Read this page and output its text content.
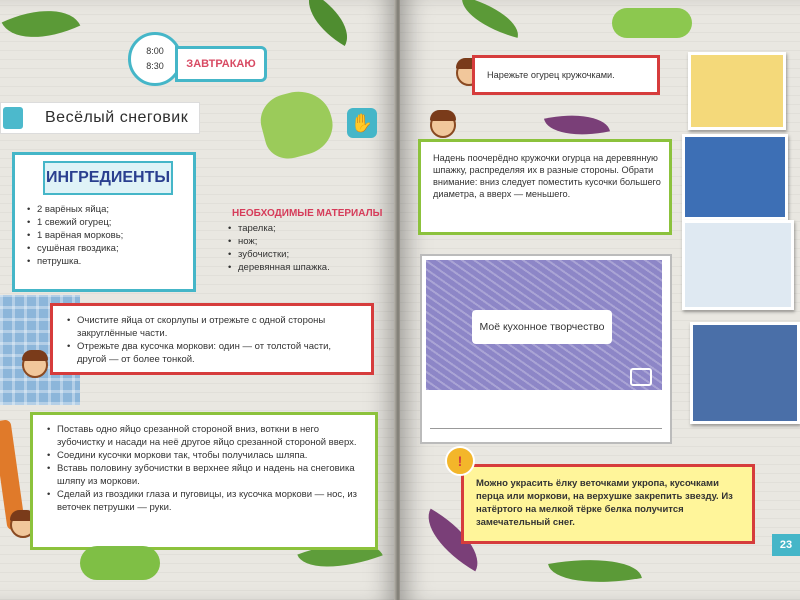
8:00
8:30	ЗАВТРАКАЮ
✋
Весёлый снеговик
ИНГРЕДИЕНТЫ
• 2 варёных яйца;
• 1 свежий огурец;
• 1 варёная морковь;
• сушёная гвоздика;
• петрушка.
НЕОБХОДИМЫЕ МАТЕРИАЛЫ
• тарелка;
• нож;
• зубочистки;
• деревянная шпажка.
• Очистите яйца от скорлупы и отрежьте с одной стороны закруглённые части.
• Отрежьте два кусочка моркови: один — от толстой части, другой — от более тонкой.
• Поставь одно яйцо срезанной стороной вниз, воткни в него зубочистку и насади на неё другое яйцо срезанной стороной вверх.
• Соедини кусочки моркови так, чтобы получилась шляпа.
• Вставь половину зубочистки в верхнее яйцо и надень на снеговика шляпу из моркови.
• Сделай из гвоздики глаза и пуговицы, из кусочка моркови — нос, из веточек петрушки — руки.
Нарежьте огурец кружочками.
Надень поочерёдно кружочки огурца на деревянную шпажку, распределяя их в разные стороны. Обрати внимание: вниз следует поместить кусочки большего диаметра, а вверх — меньшего.
Моё кухонное творчество
Можно украсить ёлку веточками укропа, кусочками перца или моркови, на верхушке закрепить звезду. Из натёртого на мелкой тёрке белка получится замечательный снег.
!
23
